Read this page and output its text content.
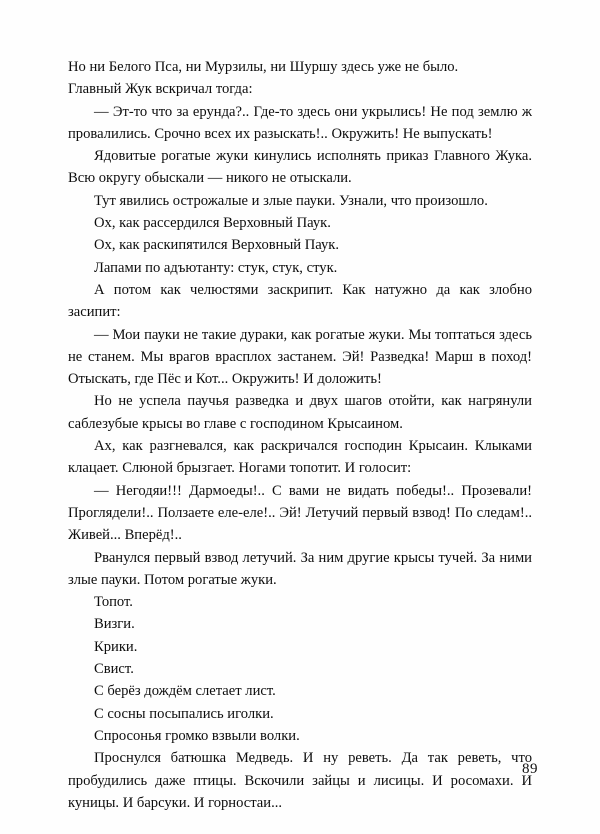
Но ни Белого Пса, ни Мурзилы, ни Шуршу здесь уже не было.

Главный Жук вскричал тогда:

— Эт-то что за ерунда?.. Где-то здесь они укрылись! Не под землю ж провалились. Срочно всех их разыскать!.. Окружить! Не выпускать!

Ядовитые рогатые жуки кинулись исполнять приказ Главного Жука. Всю округу обыскали — никого не отыскали.

Тут явились острожалые и злые пауки. Узнали, что произошло.

Ох, как рассердился Верховный Паук.

Ох, как раскипятился Верховный Паук.

Лапами по адъютанту: стук, стук, стук.

А потом как челюстями заскрипит. Как натужно да как злобно засипит:

— Мои пауки не такие дураки, как рогатые жуки. Мы топтаться здесь не станем. Мы врагов врасплох застанем. Эй! Разведка! Марш в поход! Отыскать, где Пёс и Кот... Окружить! И доложить!

Но не успела паучья разведка и двух шагов отойти, как нагрянули саблезубые крысы во главе с господином Крысаином.

Ах, как разгневался, как раскричался господин Крысаин. Клыками клацает. Слюной брызгает. Ногами топотит. И голосит:

— Негодяи!!! Дармоеды!.. С вами не видать победы!.. Прозевали! Проглядели!.. Ползаете еле-еле!.. Эй! Летучий первый взвод! По следам!.. Живей... Вперёд!..

Рванулся первый взвод летучий. За ним другие крысы тучей. За ними злые пауки. Потом рогатые жуки.

Топот.

Визги.

Крики.

Свист.

С берёз дождём слетает лист.

С сосны посыпались иголки.

Спросонья громко взвыли волки.

Проснулся батюшка Медведь. И ну реветь. Да так реветь, что пробудились даже птицы. Вскочили зайцы и лисицы. И росомахи. И куницы. И барсуки. И горностаи...

89
